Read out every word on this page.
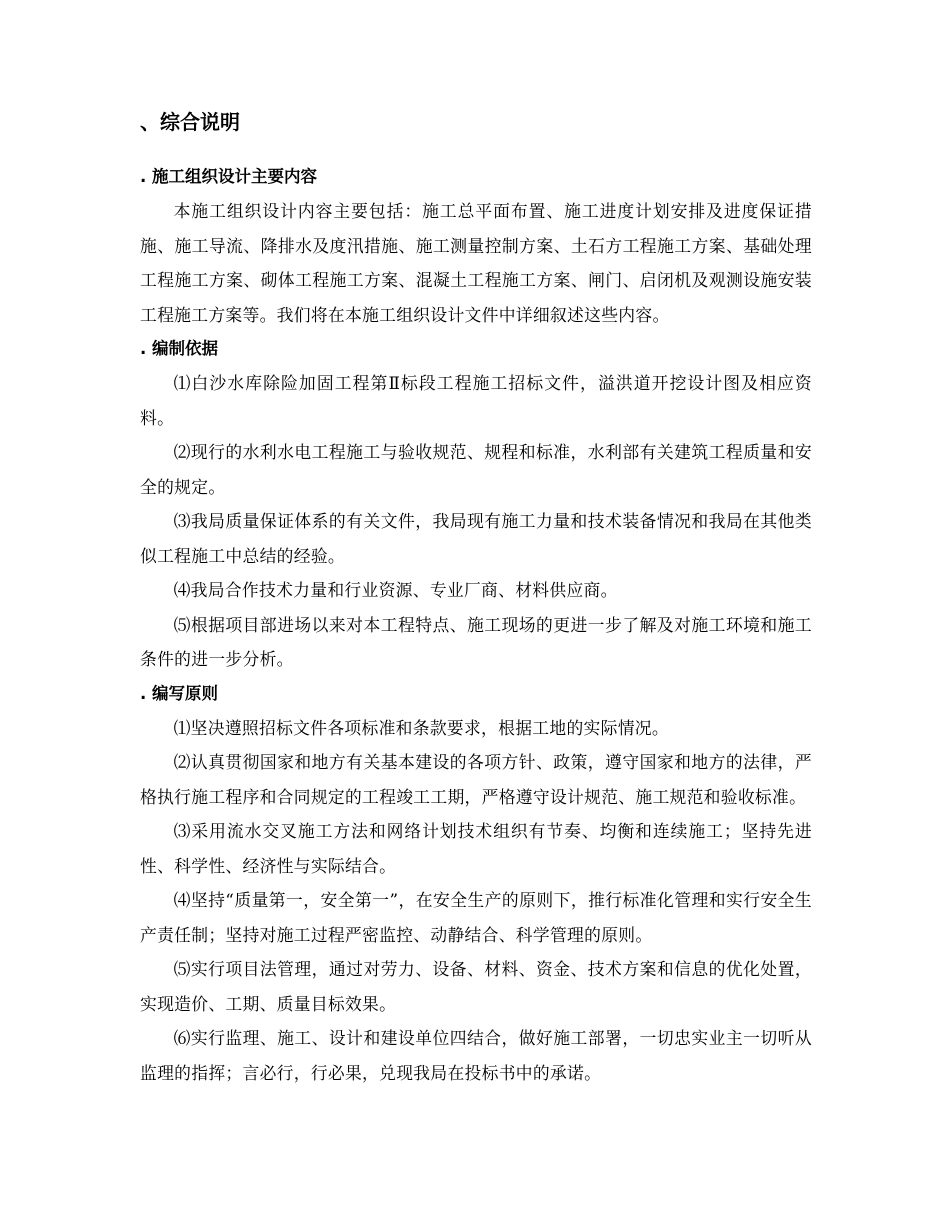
、综合说明
. 施工组织设计主要内容

本施工组织设计内容主要包括：施工总平面布置、施工进度计划安排及进度保证措施、施工导流、降排水及度汛措施、施工测量控制方案、土石方工程施工方案、基础处理工程施工方案、砌体工程施工方案、混凝土工程施工方案、闸门、启闭机及观测设施安装工程施工方案等。我们将在本施工组织设计文件中详细叙述这些内容。

. 编制依据

⑴白沙水库除险加固工程第Ⅱ标段工程施工招标文件，溢洪道开挖设计图及相应资料。

⑵现行的水利水电工程施工与验收规范、规程和标准，水利部有关建筑工程质量和安全的规定。

⑶我局质量保证体系的有关文件，我局现有施工力量和技术装备情况和我局在其他类似工程施工中总结的经验。

⑷我局合作技术力量和行业资源、专业厂商、材料供应商。

⑸根据项目部进场以来对本工程特点、施工现场的更进一步了解及对施工环境和施工条件的进一步分析。

. 编写原则

⑴坚决遵照招标文件各项标准和条款要求，根据工地的实际情况。

⑵认真贯彻国家和地方有关基本建设的各项方针、政策，遵守国家和地方的法律，严格执行施工程序和合同规定的工程竣工工期，严格遵守设计规范、施工规范和验收标准。

⑶采用流水交叉施工方法和网络计划技术组织有节奏、均衡和连续施工；坚持先进性、科学性、经济性与实际结合。

⑷坚持“质量第一，安全第一”，在安全生产的原则下，推行标准化管理和实行安全生产责任制；坚持对施工过程严密监控、动静结合、科学管理的原则。

⑸实行项目法管理，通过对劳力、设备、材料、资金、技术方案和信息的优化处置，实现造价、工期、质量目标效果。

⑹实行监理、施工、设计和建设单位四结合，做好施工部署，一切忠实业主一切听从监理的指挥；言必行，行必果，兑现我局在投标书中的承诺。
